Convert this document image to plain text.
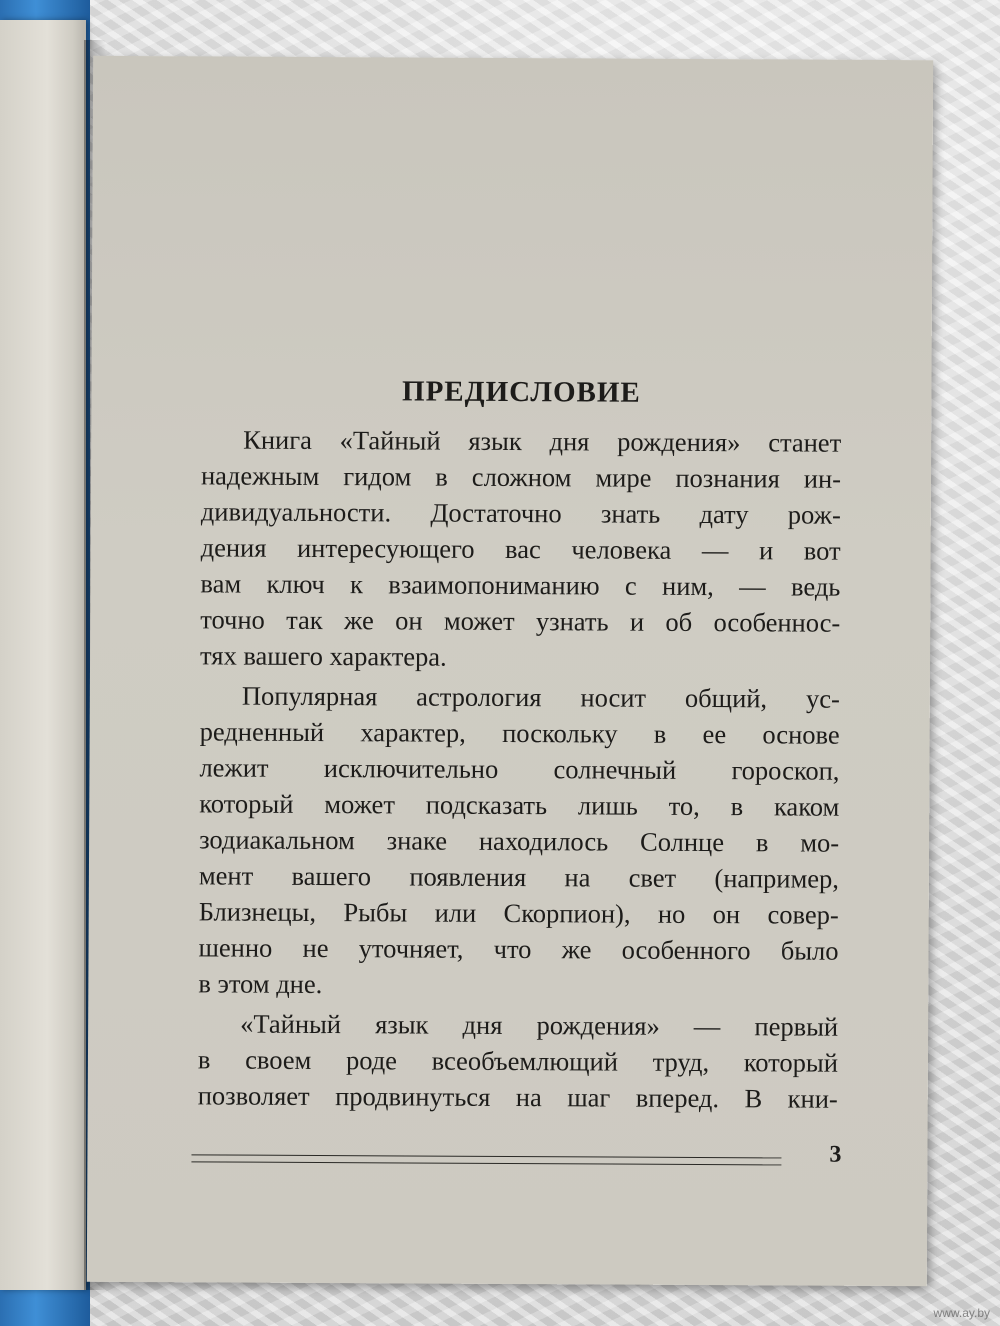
ПРЕДИСЛОВИЕ
Книга «Тайный язык дня рождения» станет
надежным гидом в сложном мире познания ин-
дивидуальности. Достаточно знать дату рож-
дения интересующего вас человека — и вот
вам ключ к взаимопониманию с ним, — ведь
точно так же он может узнать и об особеннос-
тях вашего характера.
Популярная астрология носит общий, ус-
редненный характер, поскольку в ее основе
лежит исключительно солнечный гороскоп,
который может подсказать лишь то, в каком
зодиакальном знаке находилось Солнце в мо-
мент вашего появления на свет (например,
Близнецы, Рыбы или Скорпион), но он совер-
шенно не уточняет, что же особенного было
в этом дне.
«Тайный язык дня рождения» — первый
в своем роде всеобъемлющий труд, который
позволяет продвинуться на шаг вперед. В кни-
3
www.ay.by
